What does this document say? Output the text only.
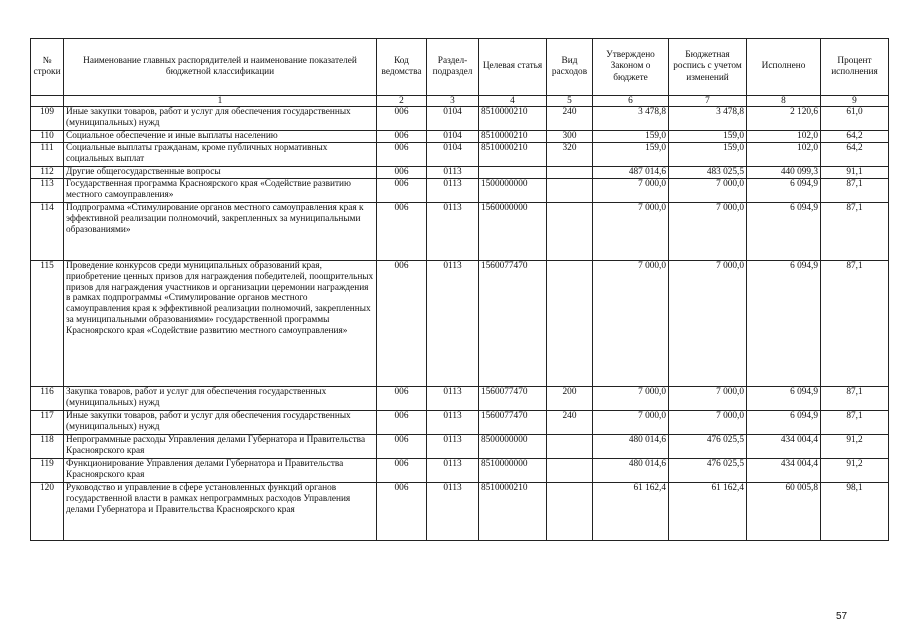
№ строки	Наименование главных распорядителей и наименование показателей бюджетной классификации	Код ведомства	Раздел-подраздел	Целевая статья	Вид расходов	Утверждено Законом о бюджете	Бюджетная роспись с учетом изменений	Исполнено	Процент исполнения
	1	2	3	4	5	6	7	8	9
109	Иные закупки товаров, работ и услуг для обеспечения государственных (муниципальных) нужд	006	0104	8510000210	240	3 478,8	3 478,8	2 120,6	61,0
110	Социальное обеспечение и иные выплаты населению	006	0104	8510000210	300	159,0	159,0	102,0	64,2
111	Социальные выплаты гражданам, кроме публичных нормативных социальных выплат	006	0104	8510000210	320	159,0	159,0	102,0	64,2
112	Другие общегосударственные вопросы	006	0113			487 014,6	483 025,5	440 099,3	91,1
113	Государственная программа Красноярского края «Содействие развитию местного самоуправления»	006	0113	1500000000		7 000,0	7 000,0	6 094,9	87,1
114	Подпрограмма «Стимулирование органов местного самоуправления края к эффективной реализации полномочий, закрепленных за муниципальными образованиями»	006	0113	1560000000		7 000,0	7 000,0	6 094,9	87,1
115	Проведение конкурсов среди муниципальных образований края, приобретение ценных призов для награждения победителей, поощрительных призов для награждения участников и организации церемонии награждения в рамках подпрограммы «Стимулирование органов местного самоуправления края к эффективной реализации полномочий, закрепленных за муниципальными образованиями» государственной программы Красноярского края «Содействие развитию местного самоуправления»	006	0113	1560077470		7 000,0	7 000,0	6 094,9	87,1
116	Закупка товаров, работ и услуг для обеспечения государственных (муниципальных) нужд	006	0113	1560077470	200	7 000,0	7 000,0	6 094,9	87,1
117	Иные закупки товаров, работ и услуг для обеспечения государственных (муниципальных) нужд	006	0113	1560077470	240	7 000,0	7 000,0	6 094,9	87,1
118	Непрограммные расходы Управления делами Губернатора и Правительства Красноярского края	006	0113	8500000000		480 014,6	476 025,5	434 004,4	91,2
119	Функционирование Управления делами Губернатора и Правительства Красноярского края	006	0113	8510000000		480 014,6	476 025,5	434 004,4	91,2
120	Руководство и управление в сфере установленных функций органов государственной власти в рамках непрограммных расходов Управления делами Губернатора и Правительства Красноярского края	006	0113	8510000210		61 162,4	61 162,4	60 005,8	98,1
57
